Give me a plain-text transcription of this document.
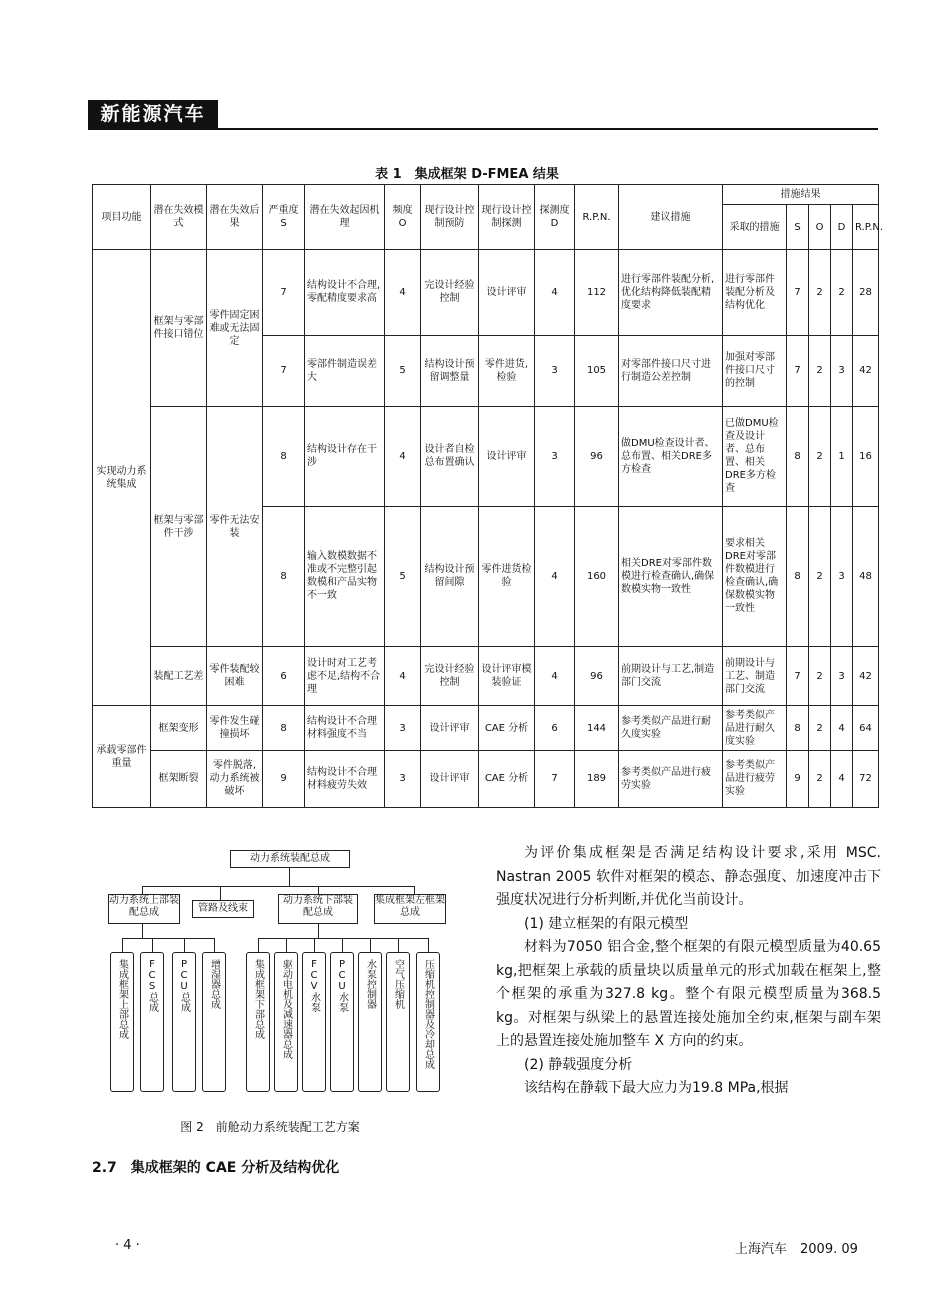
新能源汽车
表 1　集成框架 D-FMEA 结果
项目功能	潜在失效模式	潜在失效后果	严重度 S	潜在失效起因机理	频度 O	现行设计控制预防	现行设计控制探测	探测度 D	R.P.N.	建议措施	措施结果				
											采取的措施	S	O	D	R.P.N.
实现动力系统集成	框架与零部件接口错位	零件固定困难或无法固定	7	结构设计不合理,零配精度要求高	4	完设计经验控制	设计评审	4	112	进行零部件装配分析,优化结构降低装配精度要求	进行零部件装配分析及结构优化	7	2	2	28
			7	零部件制造误差大	5	结构设计预留调整量	零件进货,检验	3	105	对零部件接口尺寸进行制造公差控制	加强对零部件接口尺寸的控制	7	2	3	42
	框架与零部件干涉	零件无法安装	8	结构设计存在干涉	4	设计者自检总布置确认	设计评审	3	96	做DMU检查设计者、总布置、相关DRE多方检查	已做DMU检查及设计者、总布置、相关DRE多方检查	8	2	1	16
			8	输入数模数据不准或不完整引起数模和产品实物不一致	5	结构设计预留间隙	零件进货检验	4	160	相关DRE对零部件数模进行检查确认,确保数模实物一致性	要求相关DRE对零部件数模进行检查确认,确保数模实物一致性	8	2	3	48
	装配工艺差	零件装配较困难	6	设计时对工艺考虑不足,结构不合理	4	完设计经验控制	设计评审模装验证	4	96	前期设计与工艺,制造部门交流	前期设计与工艺、制造部门交流	7	2	3	42
承载零部件重量	框架变形	零件发生碰撞损坏	8	结构设计不合理材料强度不当	3	设计评审	CAE 分析	6	144	参考类似产品进行耐久度实验	参考类似产品进行耐久度实验	8	2	4	64
	框架断裂	零件脱落,动力系统被破坏	9	结构设计不合理材料疲劳失效	3	设计评审	CAE 分析	7	189	参考类似产品进行疲劳实验	参考类似产品进行疲劳实验	9	2	4	72
动力系统装配总成
动力系统上部装配总成	管路及线束
动力系统下部装配总成
集成框架左框架总成
集成框架上部总成	FCS总成	PCU总成	增湿器总成	集成框架下部总成	驱动电机及减速器总成	FCV水泵	PCU水泵	水泵控制器	空气压缩机	压缩机控制器及冷却总成
图 2　前舱动力系统装配工艺方案
2.7　集成框架的 CAE 分析及结构优化

为评价集成框架是否满足结构设计要求,采用 MSC. Nastran 2005 软件对框架的模态、静态强度、加速度冲击下强度状况进行分析判断,并优化当前设计。

(1) 建立框架的有限元模型

材料为7050 铝合金,整个框架的有限元模型质量为40.65 kg,把框架上承载的质量块以质量单元的形式加载在框架上,整个框架的承重为327.8 kg。整个有限元模型质量为368.5 kg。对框架与纵梁上的悬置连接处施加全约束,框架与副车架上的悬置连接处施加整车 X 方向的约束。

(2) 静载强度分析

该结构在静载下最大应力为19.8 MPa,根据

· 4 ·	上海汽车　2009. 09
